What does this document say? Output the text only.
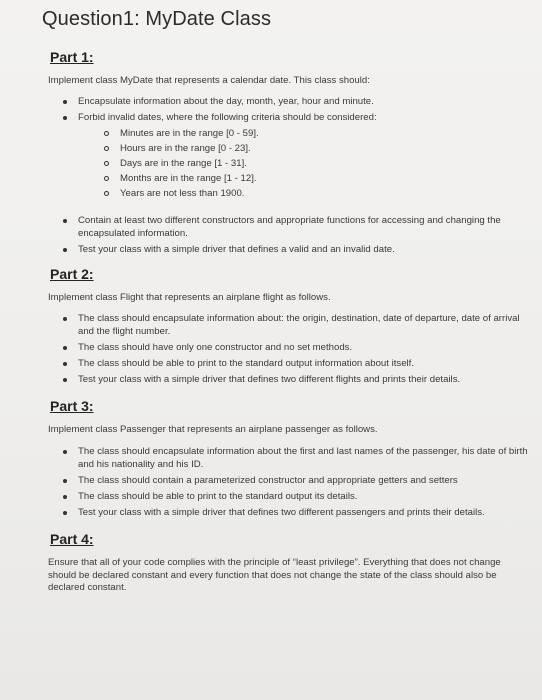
Question1: MyDate Class
Part 1:

Implement class MyDate that represents a calendar date. This class should:

Encapsulate information about the day, month, year, hour and minute.
Forbid invalid dates, where the following criteria should be considered:
Minutes are in the range [0 - 59].
Hours are in the range [0 - 23].
Days are in the range [1 - 31].
Months are in the range [1 - 12].
Years are not less than 1900.
Contain at least two different constructors and appropriate functions for accessing and changing the encapsulated information.
Test your class with a simple driver that defines a valid and an invalid date.
Part 2:

Implement class Flight that represents an airplane flight as follows.

The class should encapsulate information about: the origin, destination, date of departure, date of arrival and the flight number.
The class should have only one constructor and no set methods.
The class should be able to print to the standard output information about itself.
Test your class with a simple driver that defines two different flights and prints their details.
Part 3:

Implement class Passenger that represents an airplane passenger as follows.

The class should encapsulate information about the first and last names of the passenger, his date of birth and his nationality and his ID.
The class should contain a parameterized constructor and appropriate getters and setters
The class should be able to print to the standard output its details.
Test your class with a simple driver that defines two different passengers and prints their details.
Part 4:

Ensure that all of your code complies with the principle of “least privilege”. Everything that does not change should be declared constant and every function that does not change the state of the class should also be declared constant.
